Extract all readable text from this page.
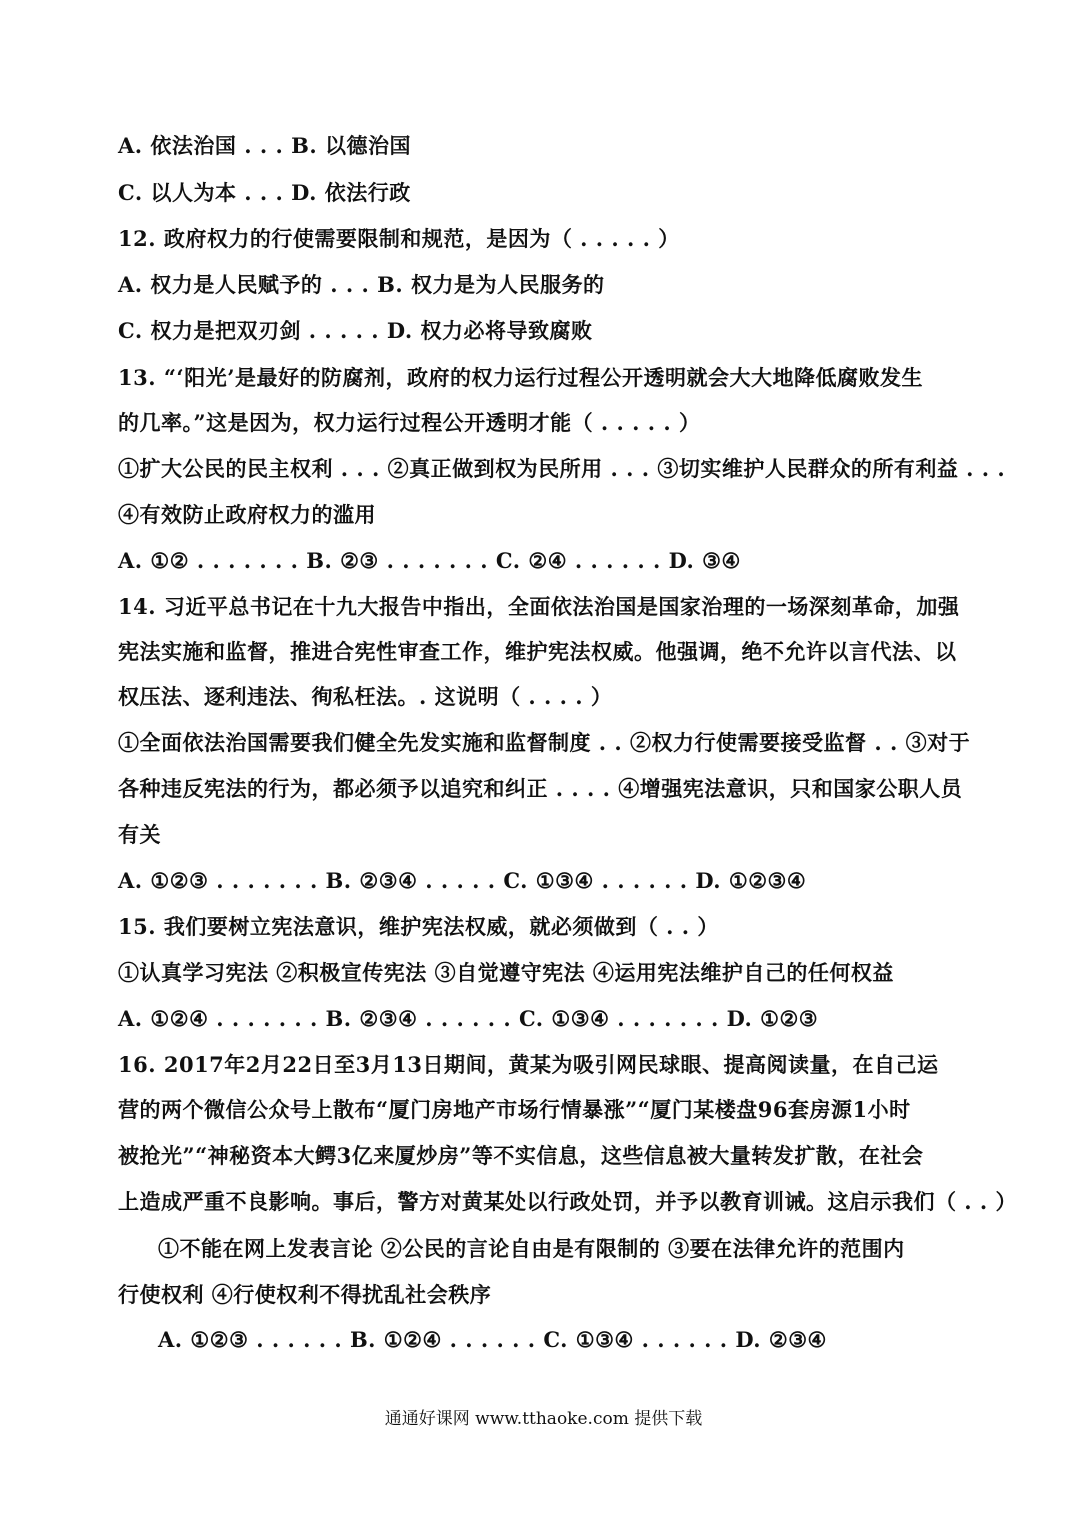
A. 依法治国 . . . B. 以德治国
C. 以人为本 . . . D. 依法行政
12. 政府权力的行使需要限制和规范，是因为（ . . . . . ）
A. 权力是人民赋予的 . . . B. 权力是为人民服务的
C. 权力是把双刃剑 . . . . . D. 权力必将导致腐败
13. “‘阳光’是最好的防腐剂，政府的权力运行过程公开透明就会大大地降低腐败发生
的几率。”这是因为，权力运行过程公开透明才能（ . . . . . ）
①扩大公民的民主权利 . . . ②真正做到权为民所用 . . . ③切实维护人民群众的所有利益 . . .
④有效防止政府权力的滥用
A. ①② . . . . . . . B. ②③ . . . . . . . C. ②④ . . . . . . D. ③④
14. 习近平总书记在十九大报告中指出，全面依法治国是国家治理的一场深刻革命，加强
宪法实施和监督，推进合宪性审查工作，维护宪法权威。他强调，绝不允许以言代法、以
权压法、逐利违法、徇私枉法。. 这说明（ . . . . ）
①全面依法治国需要我们健全先发实施和监督制度 . . ②权力行使需要接受监督 . . ③对于
各种违反宪法的行为，都必须予以追究和纠正 . . . . ④增强宪法意识，只和国家公职人员
有关
A. ①②③ . . . . . . . B. ②③④ . . . . . C. ①③④ . . . . . . D. ①②③④
15. 我们要树立宪法意识，维护宪法权威，就必须做到（ . . ）
①认真学习宪法 ②积极宣传宪法 ③自觉遵守宪法 ④运用宪法维护自己的任何权益
A. ①②④ . . . . . . . B. ②③④ . . . . . . C. ①③④ . . . . . . . D. ①②③
16. 2017年2月22日至3月13日期间，黄某为吸引网民球眼、提高阅读量，在自己运
营的两个微信公众号上散布“厦门房地产市场行情暴涨”“厦门某楼盘96套房源1小时
被抢光”“神秘资本大鳄3亿来厦炒房”等不实信息，这些信息被大量转发扩散，在社会
上造成严重不良影响。事后，警方对黄某处以行政处罚，并予以教育训诫。这启示我们（ . . ）
①不能在网上发表言论 ②公民的言论自由是有限制的 ③要在法律允许的范围内
行使权利 ④行使权利不得扰乱社会秩序
A. ①②③ . . . . . . B. ①②④ . . . . . . C. ①③④ . . . . . . D. ②③④
通通好课网 www.tthaoke.com 提供下载
